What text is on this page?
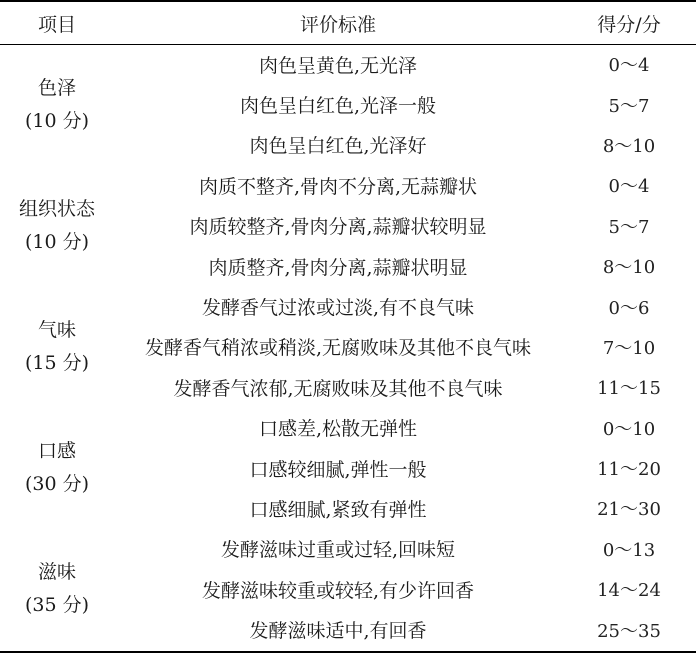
项目	评价标准	得分/分

色泽
(10 分)	肉色呈黄色,无光泽	0～4
	肉色呈白红色,光泽一般	5～7
	肉色呈白红色,光泽好	8～10

组织状态
(10 分)	肉质不整齐,骨肉不分离,无蒜瓣状	0～4
	肉质较整齐,骨肉分离,蒜瓣状较明显	5～7
	肉质整齐,骨肉分离,蒜瓣状明显	8～10

气味
(15 分)	发酵香气过浓或过淡,有不良气味	0～6
	发酵香气稍浓或稍淡,无腐败味及其他不良气味	7～10
	发酵香气浓郁,无腐败味及其他不良气味	11～15

口感
(30 分)	口感差,松散无弹性	0～10
	口感较细腻,弹性一般	11～20
	口感细腻,紧致有弹性	21～30

滋味
(35 分)	发酵滋味过重或过轻,回味短	0～13
	发酵滋味较重或较轻,有少许回香	14～24
	发酵滋味适中,有回香	25～35
